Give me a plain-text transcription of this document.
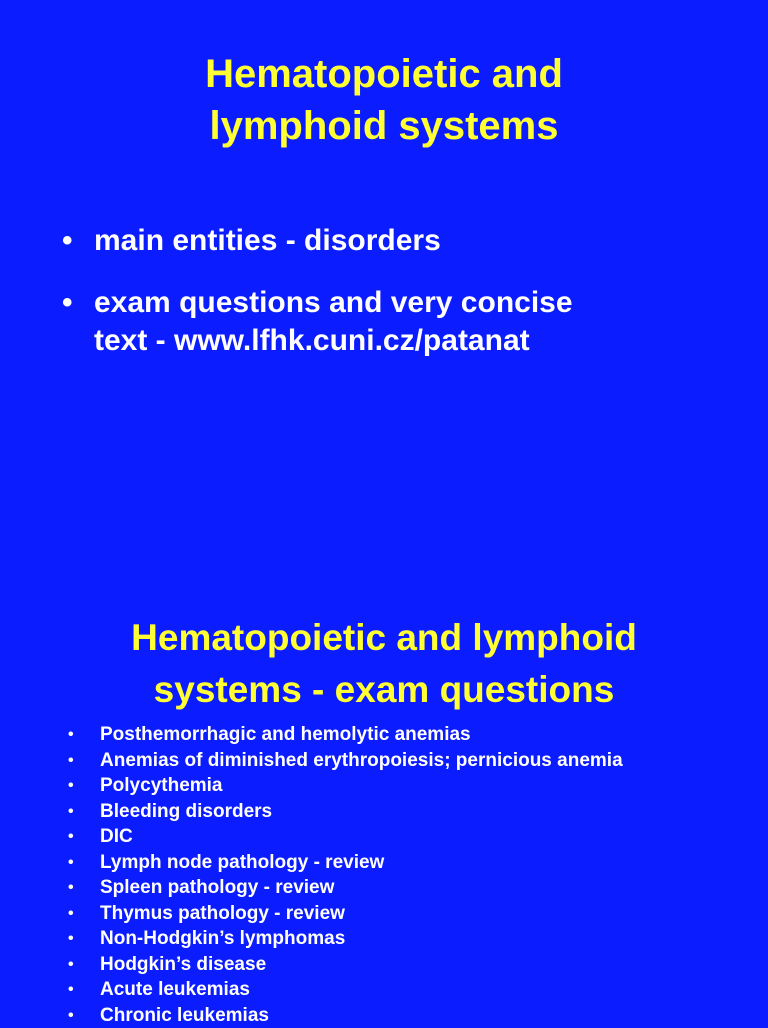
Hematopoietic and
lymphoid systems
• main entities - disorders
• exam questions and very concise
text - www.lfhk.cuni.cz/patanat
Hematopoietic and lymphoid
systems - exam questions
• Posthemorrhagic and hemolytic anemias
• Anemias of diminished erythropoiesis; pernicious anemia
• Polycythemia
• Bleeding disorders
• DIC
• Lymph node pathology - review
• Spleen pathology - review
• Thymus pathology - review
• Non-Hodgkin’s lymphomas
• Hodgkin’s disease
• Acute leukemias
• Chronic leukemias
